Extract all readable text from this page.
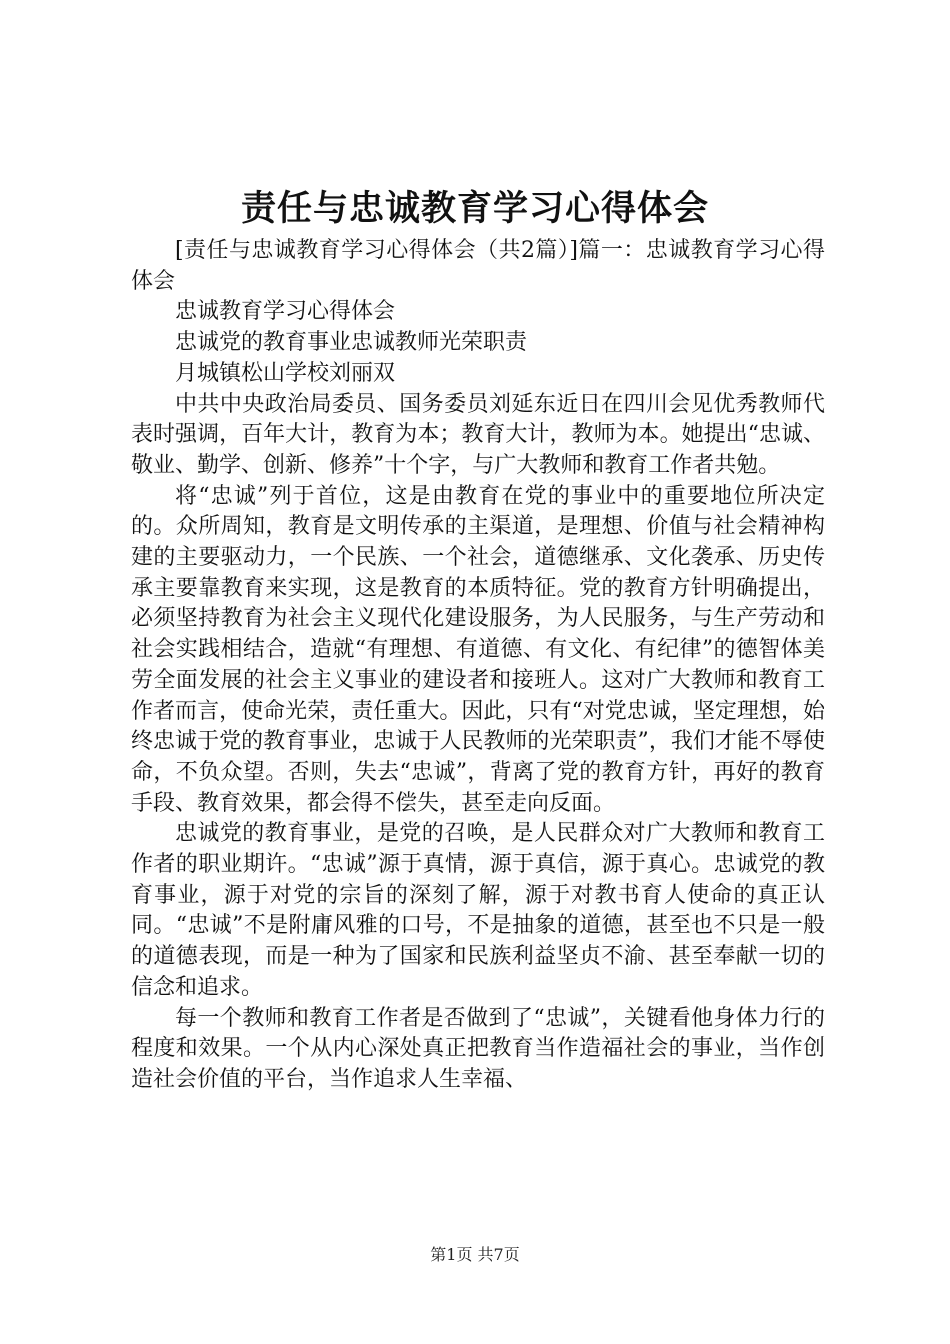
责任与忠诚教育学习心得体会

[责任与忠诚教育学习心得体会（共2篇）]篇一：忠诚教育学习心得体会

忠诚教育学习心得体会

忠诚党的教育事业忠诚教师光荣职责

月城镇松山学校刘丽双

中共中央政治局委员、国务委员刘延东近日在四川会见优秀教师代表时强调，百年大计，教育为本；教育大计，教师为本。她提出“忠诚、敬业、勤学、创新、修养”十个字，与广大教师和教育工作者共勉。

将“忠诚”列于首位，这是由教育在党的事业中的重要地位所决定的。众所周知，教育是文明传承的主渠道，是理想、价值与社会精神构建的主要驱动力，一个民族、一个社会，道德继承、文化袭承、历史传承主要靠教育来实现，这是教育的本质特征。党的教育方针明确提出，必须坚持教育为社会主义现代化建设服务，为人民服务，与生产劳动和社会实践相结合，造就“有理想、有道德、有文化、有纪律”的德智体美劳全面发展的社会主义事业的建设者和接班人。这对广大教师和教育工作者而言，使命光荣，责任重大。因此，只有“对党忠诚，坚定理想，始终忠诚于党的教育事业，忠诚于人民教师的光荣职责”，我们才能不辱使命，不负众望。否则，失去“忠诚”，背离了党的教育方针，再好的教育手段、教育效果，都会得不偿失，甚至走向反面。

忠诚党的教育事业，是党的召唤，是人民群众对广大教师和教育工作者的职业期许。“忠诚”源于真情，源于真信，源于真心。忠诚党的教育事业，源于对党的宗旨的深刻了解，源于对教书育人使命的真正认同。“忠诚”不是附庸风雅的口号，不是抽象的道德，甚至也不只是一般的道德表现，而是一种为了国家和民族利益坚贞不渝、甚至奉献一切的信念和追求。

每一个教师和教育工作者是否做到了“忠诚”，关键看他身体力行的程度和效果。一个从内心深处真正把教育当作造福社会的事业，当作创造社会价值的平台，当作追求人生幸福、

第1页 共7页
